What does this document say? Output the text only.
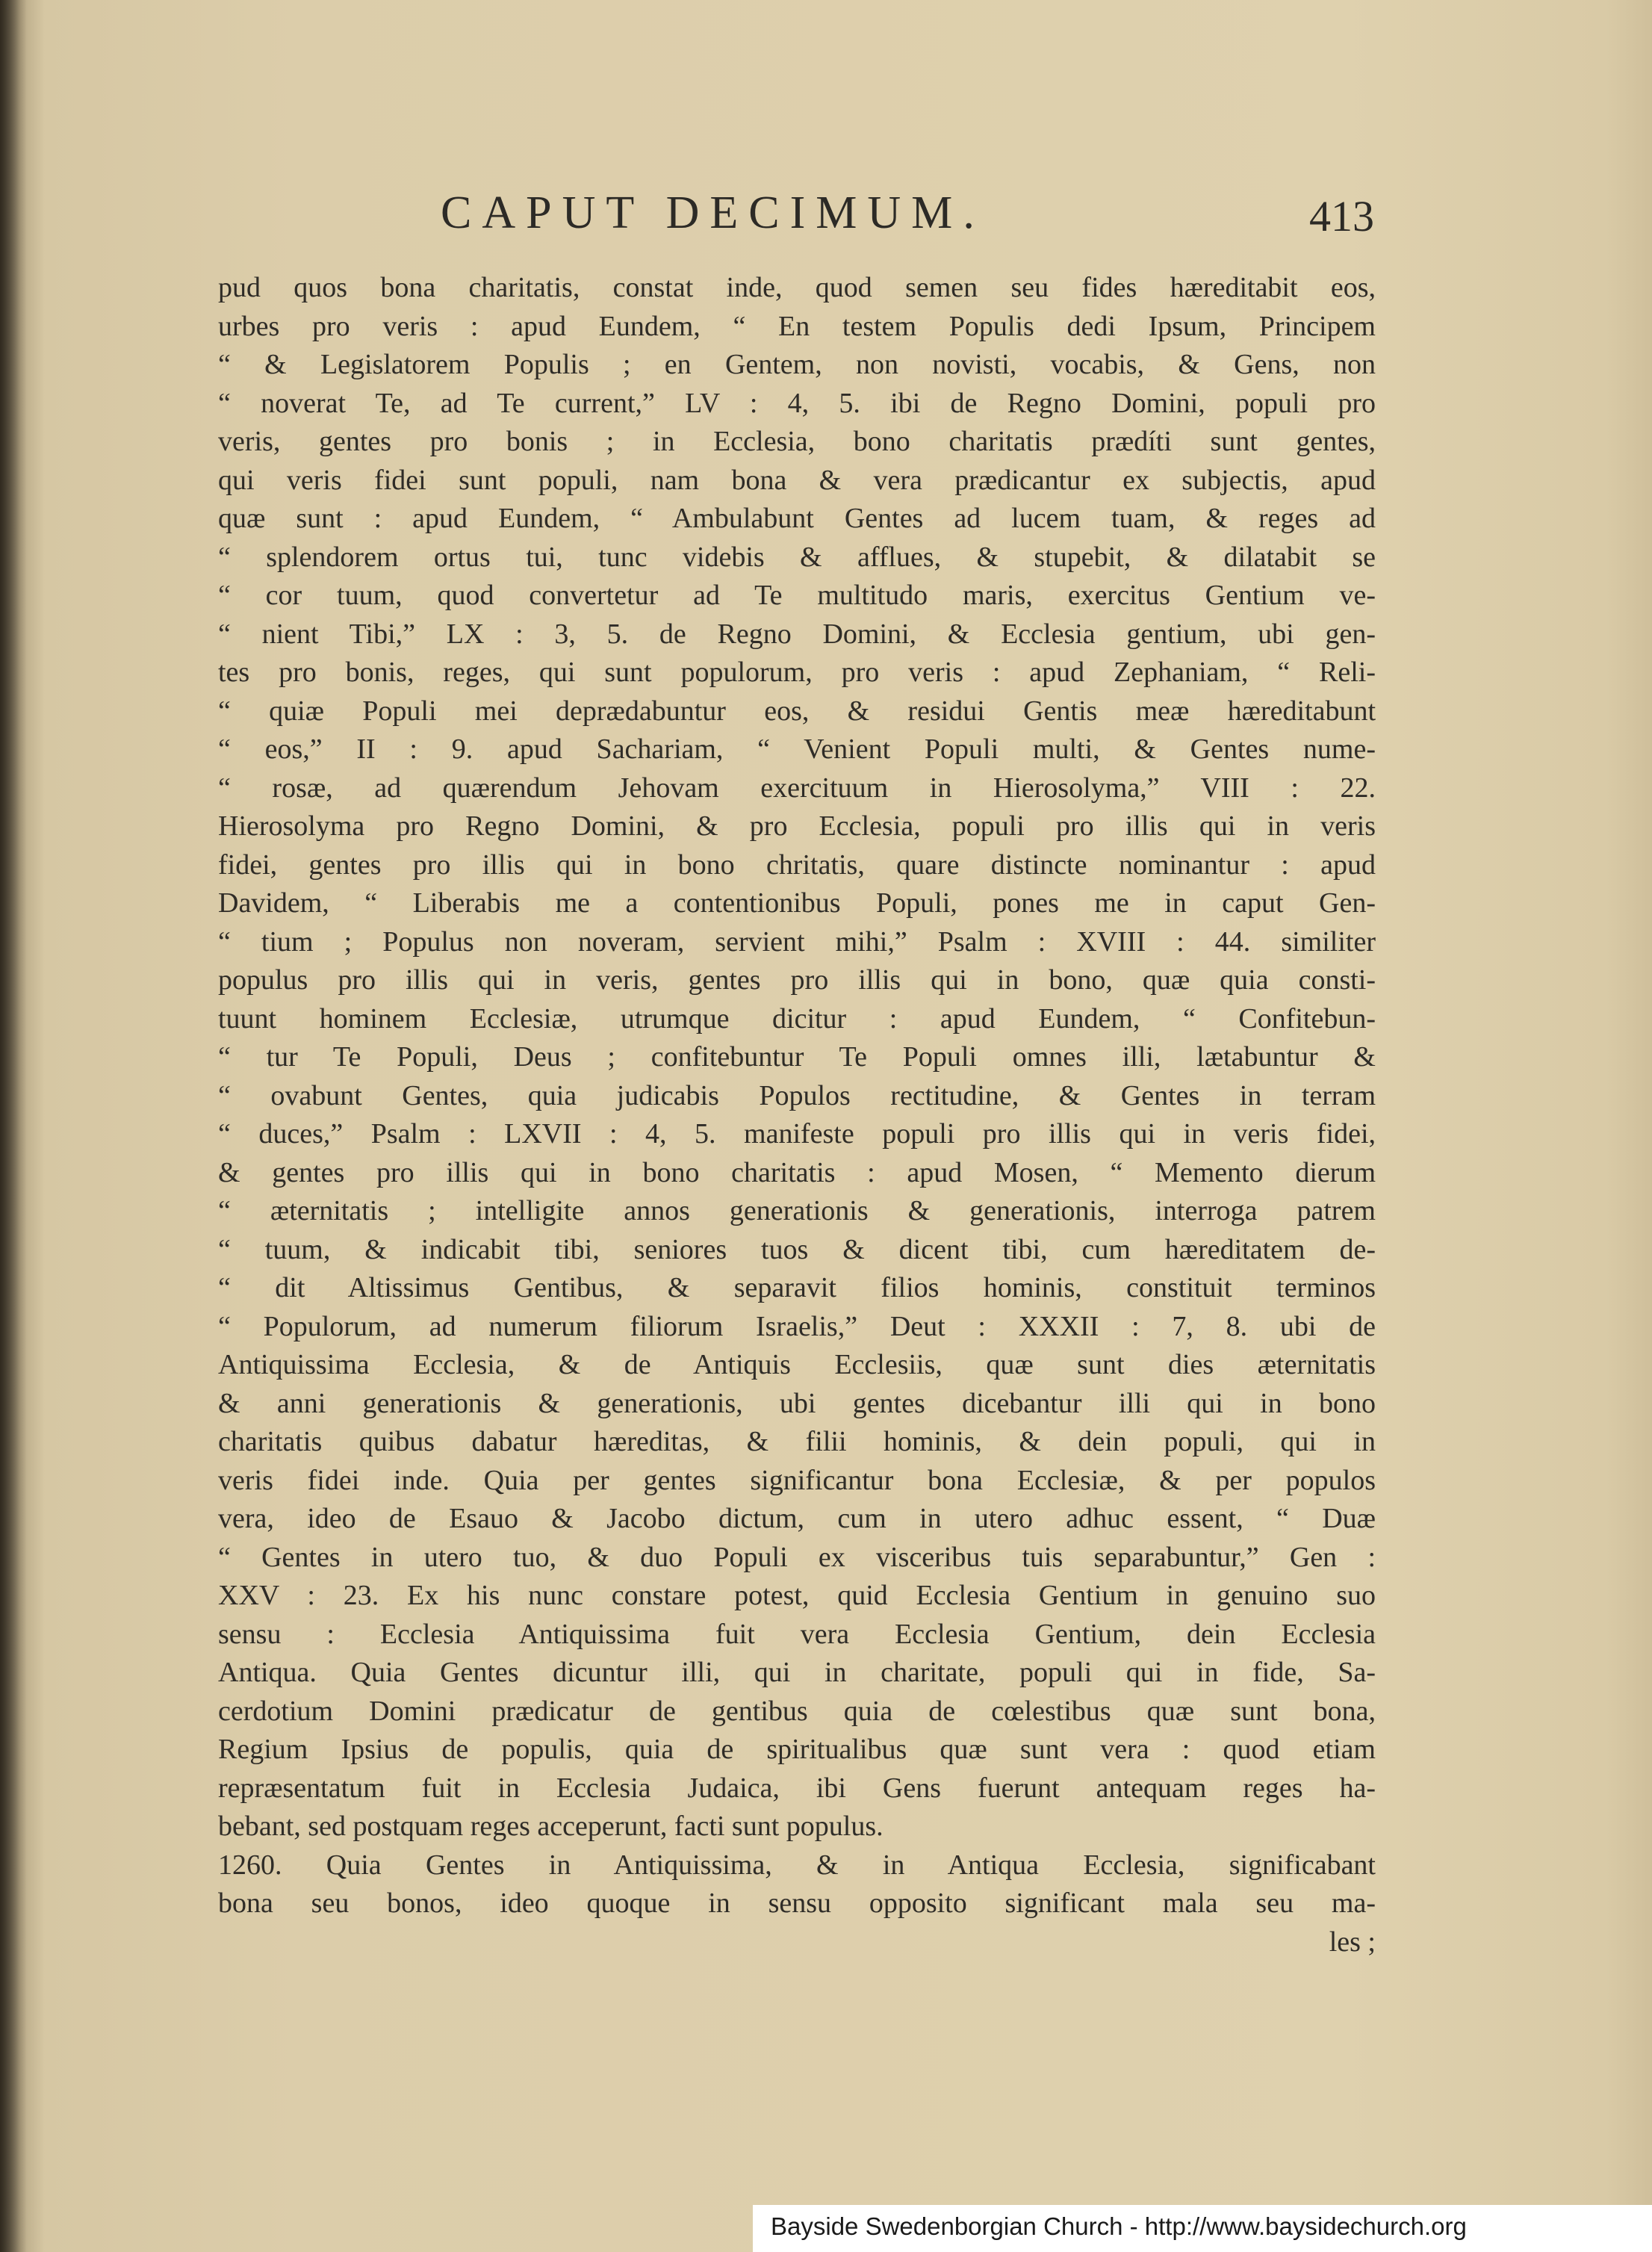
CAPUT DECIMUM.	413
pud quos bona charitatis, constat inde, quod semen seu fides hæreditabit eos,
urbes pro veris : apud Eundem, “ En testem Populis dedi Ipsum, Principem
“ & Legislatorem Populis ; en Gentem, non novisti, vocabis, & Gens, non
“ noverat Te, ad Te current,” LV : 4, 5. ibi de Regno Domini, populi pro
veris, gentes pro bonis ; in Ecclesia, bono charitatis prædíti sunt gentes,
qui veris fidei sunt populi, nam bona & vera prædicantur ex subjectis, apud
quæ sunt : apud Eundem, “ Ambulabunt Gentes ad lucem tuam, & reges ad
“ splendorem ortus tui, tunc videbis & afflues, & stupebit, & dilatabit se
“ cor tuum, quod convertetur ad Te multitudo maris, exercitus Gentium ve-
“ nient Tibi,” LX : 3, 5. de Regno Domini, & Ecclesia gentium, ubi gen-
tes pro bonis, reges, qui sunt populorum, pro veris : apud Zephaniam, “ Reli-
“ quiæ Populi mei deprædabuntur eos, & residui Gentis meæ hæreditabunt
“ eos,” II : 9. apud Sachariam, “ Venient Populi multi, & Gentes nume-
“ rosæ, ad quærendum Jehovam exercituum in Hierosolyma,” VIII : 22.
Hierosolyma pro Regno Domini, & pro Ecclesia, populi pro illis qui in veris
fidei, gentes pro illis qui in bono chritatis, quare distincte nominantur : apud
Davidem, “ Liberabis me a contentionibus Populi, pones me in caput Gen-
“ tium ; Populus non noveram, servient mihi,” Psalm : XVIII : 44. similiter
populus pro illis qui in veris, gentes pro illis qui in bono, quæ quia consti-
tuunt hominem Ecclesiæ, utrumque dicitur : apud Eundem, “ Confitebun-
“ tur Te Populi, Deus ; confitebuntur Te Populi omnes illi, lætabuntur &
“ ovabunt Gentes, quia judicabis Populos rectitudine, & Gentes in terram
“ duces,” Psalm : LXVII : 4, 5. manifeste populi pro illis qui in veris fidei,
& gentes pro illis qui in bono charitatis : apud Mosen, “ Memento dierum
“ æternitatis ; intelligite annos generationis & generationis, interroga patrem
“ tuum, & indicabit tibi, seniores tuos & dicent tibi, cum hæreditatem de-
“ dit Altissimus Gentibus, & separavit filios hominis, constituit terminos
“ Populorum, ad numerum filiorum Israelis,” Deut : XXXII : 7, 8. ubi de
Antiquissima Ecclesia, & de Antiquis Ecclesiis, quæ sunt dies æternitatis
& anni generationis & generationis, ubi gentes dicebantur illi qui in bono
charitatis quibus dabatur hæreditas, & filii hominis, & dein populi, qui in
veris fidei inde. Quia per gentes significantur bona Ecclesiæ, & per populos
vera, ideo de Esauo & Jacobo dictum, cum in utero adhuc essent, “ Duæ
“ Gentes in utero tuo, & duo Populi ex visceribus tuis separabuntur,” Gen :
XXV : 23. Ex his nunc constare potest, quid Ecclesia Gentium in genuino suo
sensu : Ecclesia Antiquissima fuit vera Ecclesia Gentium, dein Ecclesia
Antiqua. Quia Gentes dicuntur illi, qui in charitate, populi qui in fide, Sa-
cerdotium Domini prædicatur de gentibus quia de cœlestibus quæ sunt bona,
Regium Ipsius de populis, quia de spiritualibus quæ sunt vera : quod etiam
repræsentatum fuit in Ecclesia Judaica, ibi Gens fuerunt antequam reges ha-
bebant, sed postquam reges acceperunt, facti sunt populus.
1260. Quia Gentes in Antiquissima, & in Antiqua Ecclesia, significabant
bona seu bonos, ideo quoque in sensu opposito significant mala seu ma-
les ;
Bayside Swedenborgian Church - http://www.baysidechurch.org
